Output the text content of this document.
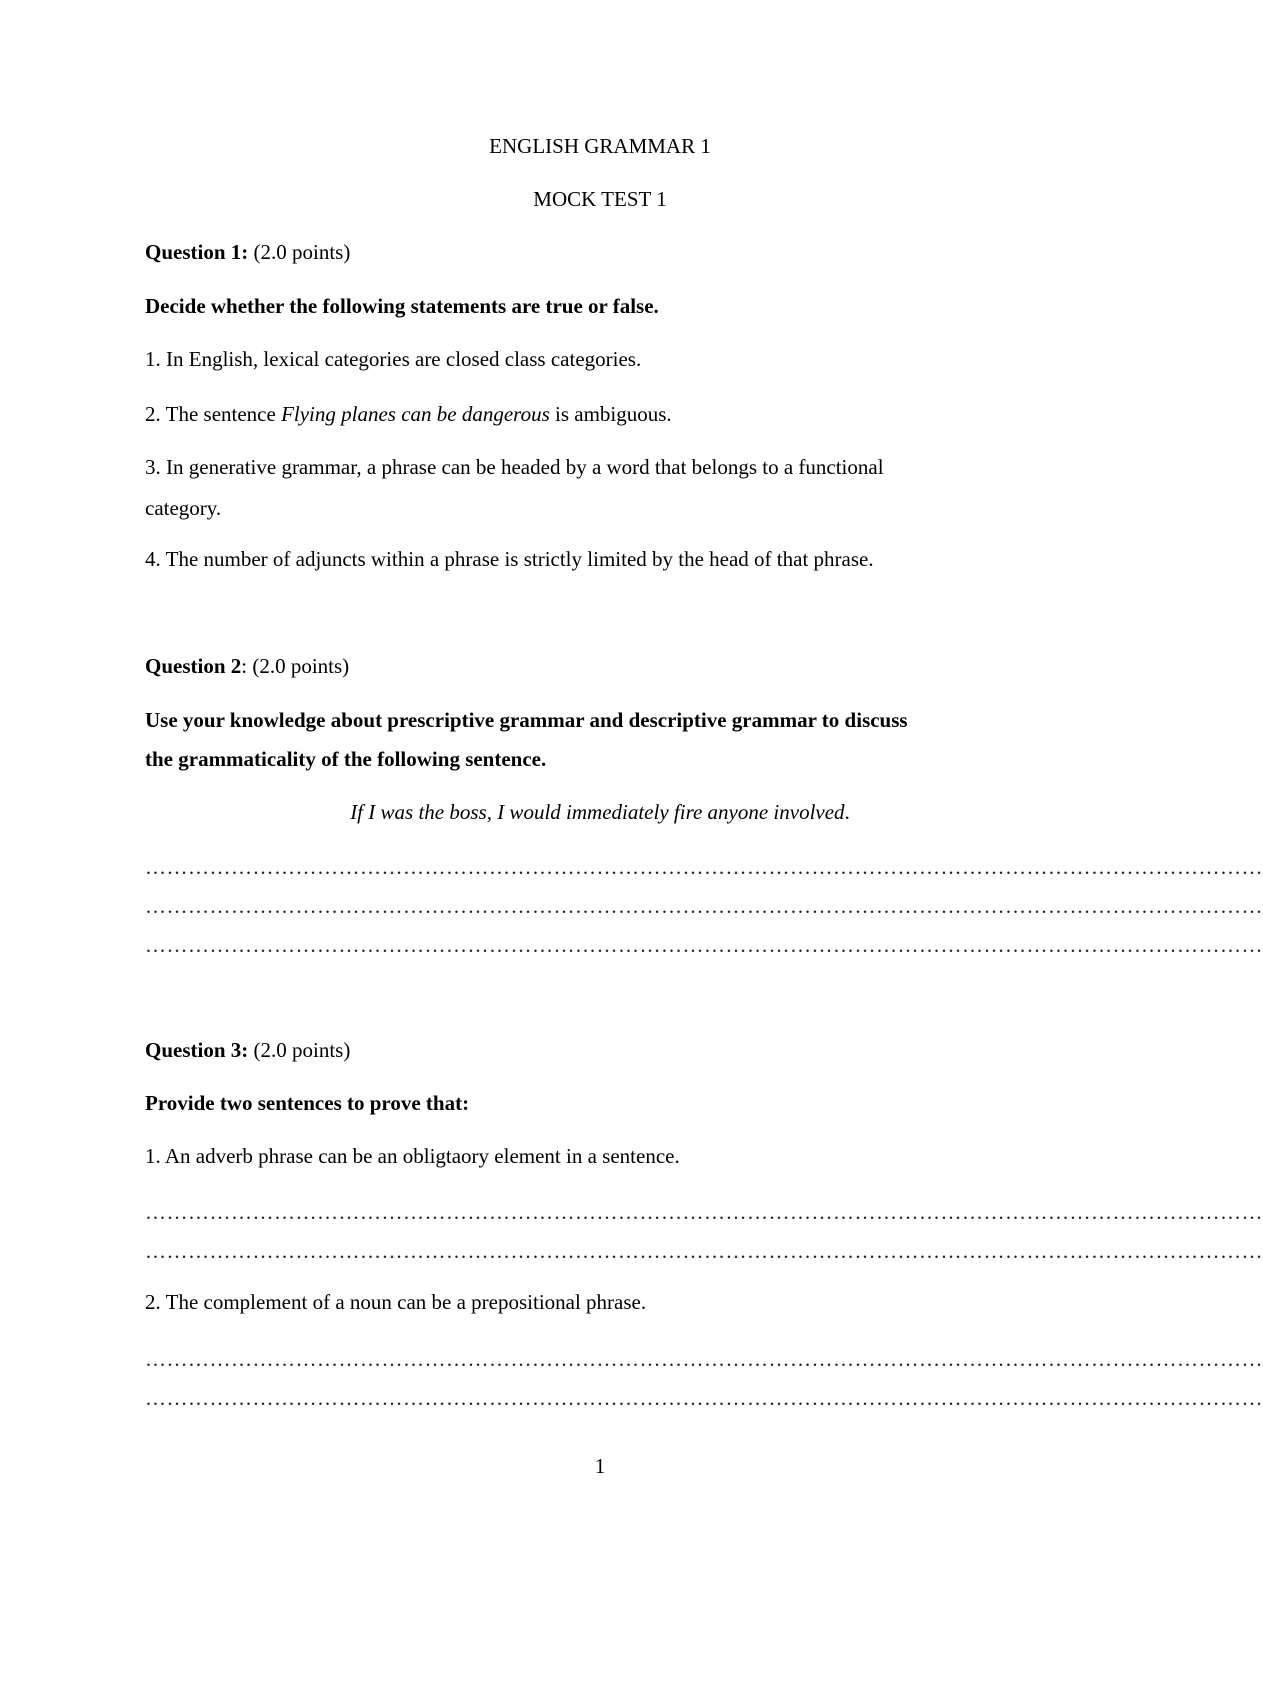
ENGLISH GRAMMAR 1
MOCK TEST 1
Question 1: (2.0 points)
Decide whether the following statements are true or false.
1. In English, lexical categories are closed class categories.
2. The sentence Flying planes can be dangerous is ambiguous.
3. In generative grammar, a phrase can be headed by a word that belongs to a functional
category.
4. The number of adjuncts within a phrase is strictly limited by the head of that phrase.
Question 2: (2.0 points)
Use your knowledge about prescriptive grammar and descriptive grammar to discuss
the grammaticality of the following sentence.
If I was the boss, I would immediately fire anyone involved.
…………………………………………………………………………………………………………………………………………
…………………………………………………………………………………………………………………………………………
…………………………………………………………………………………………………………………………………………
Question 3: (2.0 points)
Provide two sentences to prove that:
1. An adverb phrase can be an obligtaory element in a sentence.
…………………………………………………………………………………………………………………………………………
…………………………………………………………………………………………………………………………………………
2. The complement of a noun can be a prepositional phrase.
…………………………………………………………………………………………………………………………………………
…………………………………………………………………………………………………………………………………………
1
